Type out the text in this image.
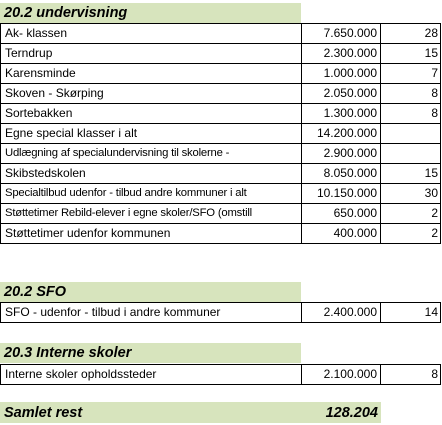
20.2 undervisning
Ak- klassen	7.650.000	28
Terndrup	2.300.000	15
Karensminde	1.000.000	7
Skoven - Skørping	2.050.000	8
Sortebakken	1.300.000	8
Egne special klasser i alt	14.200.000
Udlægning af specialundervisning til skolerne -	2.900.000
Skibstedskolen	8.050.000	15
Specialtilbud udenfor - tilbud andre kommuner i alt	10.150.000	30
Støttetimer Rebild-elever i egne skoler/SFO (omstill	650.000	2
Støttetimer udenfor kommunen	400.000	2
20.2 SFO
SFO - udenfor - tilbud i andre kommuner	2.400.000	14
20.3 Interne skoler
Interne skoler opholdssteder	2.100.000	8
Samlet rest	128.204
